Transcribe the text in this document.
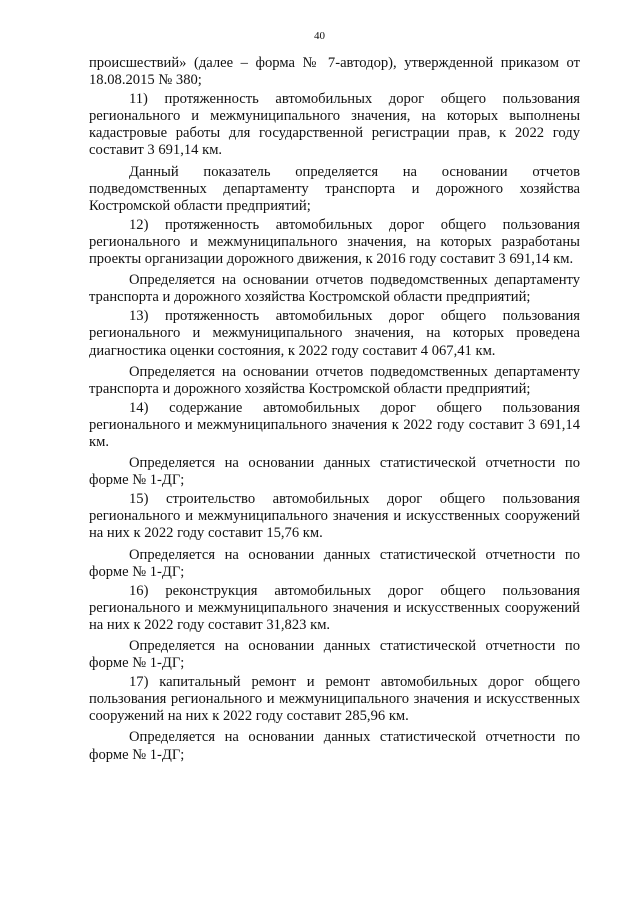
40

происшествий» (далее – форма № 7-автодор), утвержденной приказом от 18.08.2015 № 380;

11) протяженность автомобильных дорог общего пользования регионального и межмуниципального значения, на которых выполнены кадастровые работы для государственной регистрации прав, к 2022 году составит 3 691,14 км.

Данный показатель определяется на основании отчетов подведомственных департаменту транспорта и дорожного хозяйства Костромской области предприятий;

12) протяженность автомобильных дорог общего пользования регионального и межмуниципального значения, на которых разработаны проекты организации дорожного движения, к 2016 году составит 3 691,14 км.

Определяется на основании отчетов подведомственных департаменту транспорта и дорожного хозяйства Костромской области предприятий;

13) протяженность автомобильных дорог общего пользования регионального и межмуниципального значения, на которых проведена диагностика оценки состояния, к 2022 году составит 4 067,41 км.

Определяется на основании отчетов подведомственных департаменту транспорта и дорожного хозяйства Костромской области предприятий;

14) содержание автомобильных дорог общего пользования регионального и межмуниципального значения к 2022 году составит 3 691,14 км.

Определяется на основании данных статистической отчетности по форме № 1-ДГ;

15) строительство автомобильных дорог общего пользования регионального и межмуниципального значения и искусственных сооружений на них к 2022 году составит 15,76 км.

Определяется на основании данных статистической отчетности по форме № 1-ДГ;

16) реконструкция автомобильных дорог общего пользования регионального и межмуниципального значения и искусственных сооружений на них к 2022 году составит 31,823 км.

Определяется на основании данных статистической отчетности по форме № 1-ДГ;

17) капитальный ремонт и ремонт автомобильных дорог общего пользования регионального и межмуниципального значения и искусственных сооружений на них к 2022 году составит 285,96 км.

Определяется на основании данных статистической отчетности по форме № 1-ДГ;
